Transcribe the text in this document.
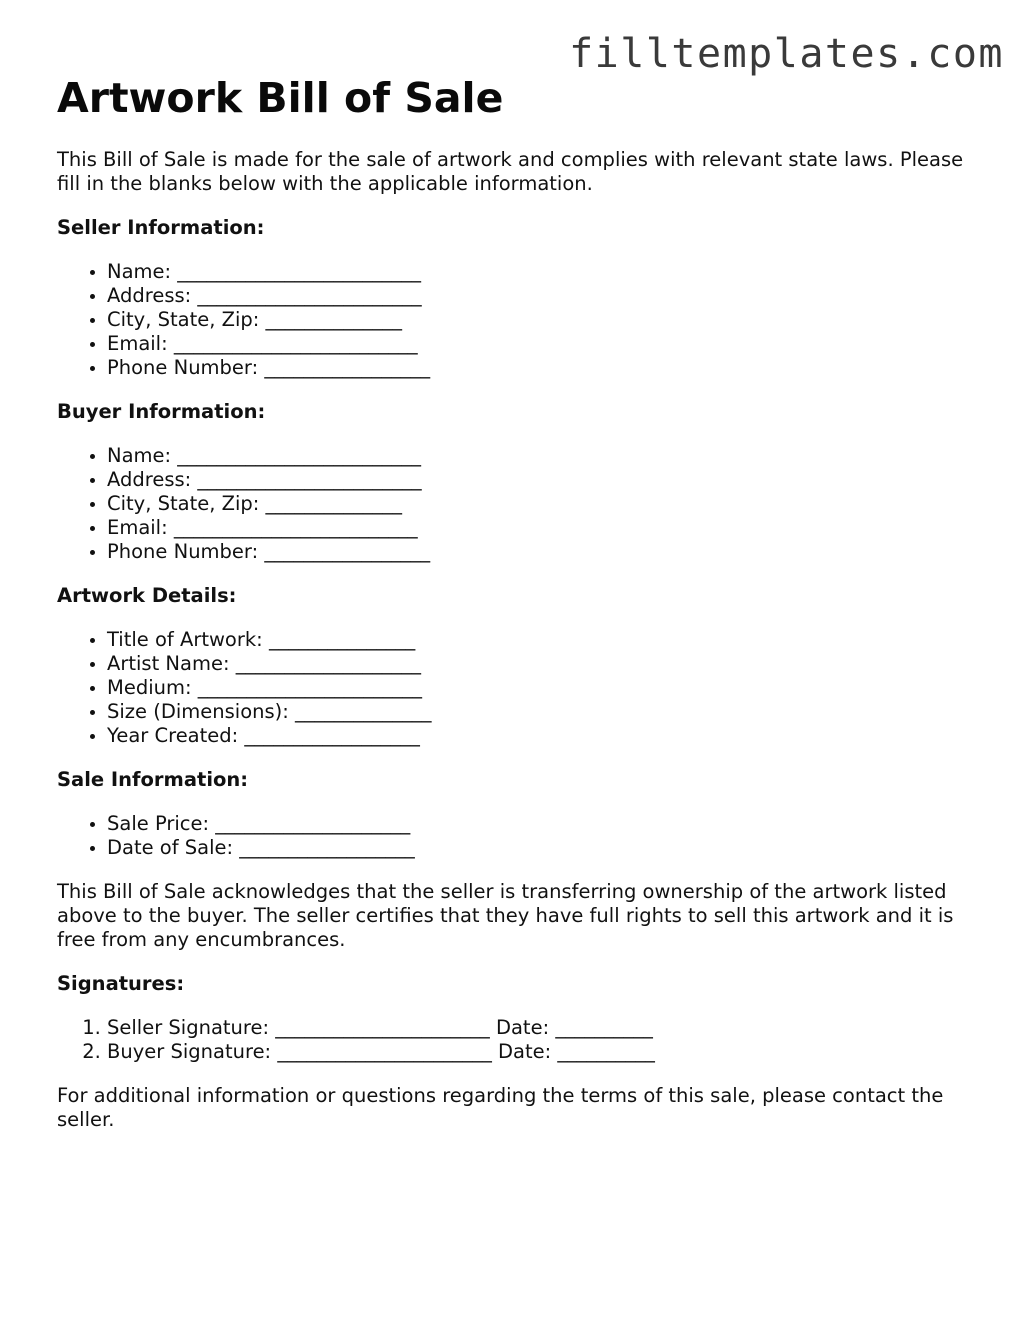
filltemplates.com
Artwork Bill of Sale

This Bill of Sale is made for the sale of artwork and complies with relevant state laws. Please fill in the blanks below with the applicable information.

Seller Information:
• Name: _________________________
• Address: _______________________
• City, State, Zip: ______________
• Email: _________________________
• Phone Number: _________________
Buyer Information:
• Name: _________________________
• Address: _______________________
• City, State, Zip: ______________
• Email: _________________________
• Phone Number: _________________
Artwork Details:
• Title of Artwork: _______________
• Artist Name: ___________________
• Medium: _______________________
• Size (Dimensions): ______________
• Year Created: __________________
Sale Information:
• Sale Price: ____________________
• Date of Sale: __________________

This Bill of Sale acknowledges that the seller is transferring ownership of the artwork listed above to the buyer. The seller certifies that they have full rights to sell this artwork and it is free from any encumbrances.

Signatures:
1. Seller Signature: ______________________ Date: __________
2. Buyer Signature: ______________________ Date: __________

For additional information or questions regarding the terms of this sale, please contact the seller.
